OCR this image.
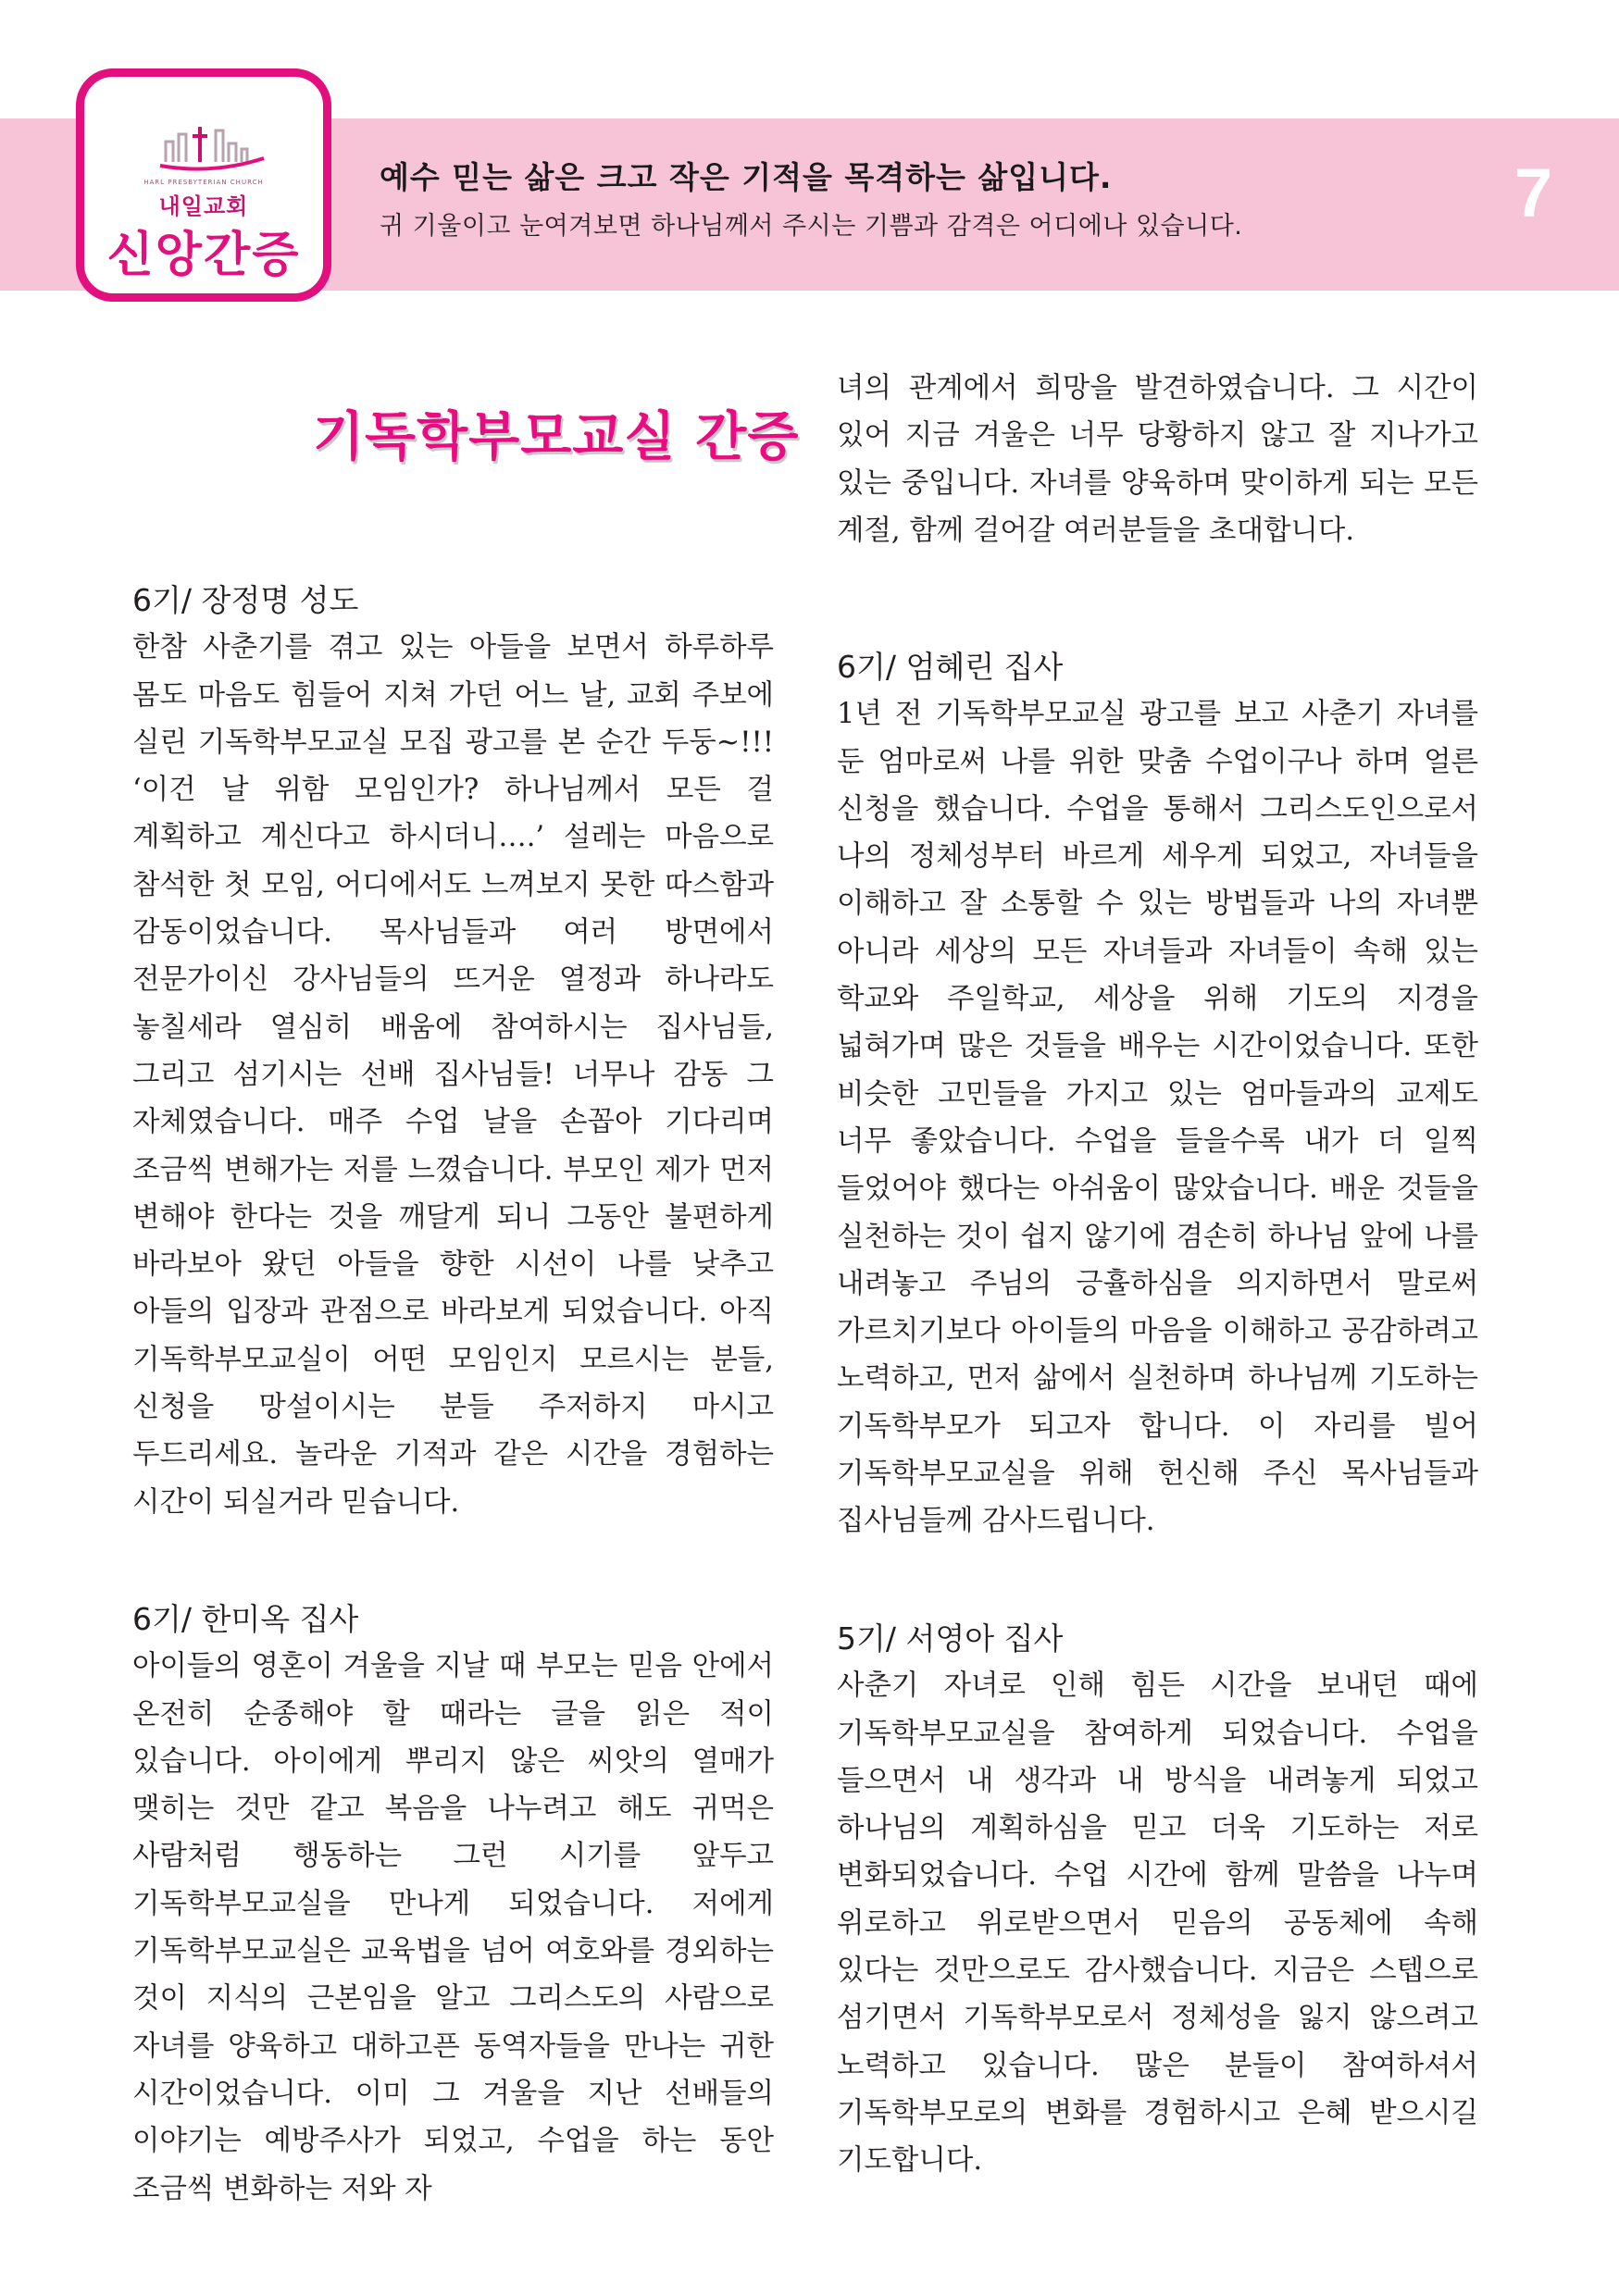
HARL PRESBYTERIAN CHURCH
내일교회
신앙간증
예수 믿는 삶은 크고 작은 기적을 목격하는 삶입니다.
귀 기울이고 눈여겨보면 하나님께서 주시는 기쁨과 감격은 어디에나 있습니다.	7
기독학부모교실 간증
6기/ 장정명 성도

한참 사춘기를 겪고 있는 아들을 보면서 하루하루 몸도 마음도 힘들어 지쳐 가던 어느 날, 교회 주보에 실린 기독학부모교실 모집 광고를 본 순간 두둥~!!! ‘이건 날 위함 모임인가? 하나님께서 모든 걸 계획하고 계신다고 하시더니….’ 설레는 마음으로 참석한 첫 모임, 어디에서도 느껴보지 못한 따스함과 감동이었습니다. 목사님들과 여러 방면에서 전문가이신 강사님들의 뜨거운 열정과 하나라도 놓칠세라 열심히 배움에 참여하시는 집사님들, 그리고 섬기시는 선배 집사님들! 너무나 감동 그 자체였습니다. 매주 수업 날을 손꼽아 기다리며 조금씩 변해가는 저를 느꼈습니다. 부모인 제가 먼저 변해야 한다는 것을 깨달게 되니 그동안 불편하게 바라보아 왔던 아들을 향한 시선이 나를 낮추고 아들의 입장과 관점으로 바라보게 되었습니다. 아직 기독학부모교실이 어떤 모임인지 모르시는 분들, 신청을 망설이시는 분들 주저하지 마시고 두드리세요. 놀라운 기적과 같은 시간을 경험하는 시간이 되실거라 믿습니다.

6기/ 한미옥 집사

아이들의 영혼이 겨울을 지날 때 부모는 믿음 안에서 온전히 순종해야 할 때라는 글을 읽은 적이 있습니다. 아이에게 뿌리지 않은 씨앗의 열매가 맺히는 것만 같고 복음을 나누려고 해도 귀먹은 사람처럼 행동하는 그런 시기를 앞두고 기독학부모교실을 만나게 되었습니다. 저에게 기독학부모교실은 교육법을 넘어 여호와를 경외하는 것이 지식의 근본임을 알고 그리스도의 사람으로 자녀를 양육하고 대하고픈 동역자들을 만나는 귀한 시간이었습니다. 이미 그 겨울을 지난 선배들의 이야기는 예방주사가 되었고, 수업을 하는 동안 조금씩 변화하는 저와 자

녀의 관계에서 희망을 발견하였습니다. 그 시간이 있어 지금 겨울은 너무 당황하지 않고 잘 지나가고 있는 중입니다. 자녀를 양육하며 맞이하게 되는 모든 계절, 함께 걸어갈 여러분들을 초대합니다.

6기/ 엄혜린 집사

1년 전 기독학부모교실 광고를 보고 사춘기 자녀를 둔 엄마로써 나를 위한 맞춤 수업이구나 하며 얼른 신청을 했습니다. 수업을 통해서 그리스도인으로서 나의 정체성부터 바르게 세우게 되었고, 자녀들을 이해하고 잘 소통할 수 있는 방법들과 나의 자녀뿐 아니라 세상의 모든 자녀들과 자녀들이 속해 있는 학교와 주일학교, 세상을 위해 기도의 지경을 넓혀가며 많은 것들을 배우는 시간이었습니다. 또한 비슷한 고민들을 가지고 있는 엄마들과의 교제도 너무 좋았습니다. 수업을 들을수록 내가 더 일찍 들었어야 했다는 아쉬움이 많았습니다. 배운 것들을 실천하는 것이 쉽지 않기에 겸손히 하나님 앞에 나를 내려놓고 주님의 긍휼하심을 의지하면서 말로써 가르치기보다 아이들의 마음을 이해하고 공감하려고 노력하고, 먼저 삶에서 실천하며 하나님께 기도하는 기독학부모가 되고자 합니다. 이 자리를 빌어 기독학부모교실을 위해 헌신해 주신 목사님들과 집사님들께 감사드립니다.

5기/ 서영아 집사

사춘기 자녀로 인해 힘든 시간을 보내던 때에 기독학부모교실을 참여하게 되었습니다. 수업을 들으면서 내 생각과 내 방식을 내려놓게 되었고 하나님의 계획하심을 믿고 더욱 기도하는 저로 변화되었습니다. 수업 시간에 함께 말씀을 나누며 위로하고 위로받으면서 믿음의 공동체에 속해 있다는 것만으로도 감사했습니다. 지금은 스텝으로 섬기면서 기독학부모로서 정체성을 잃지 않으려고 노력하고 있습니다. 많은 분들이 참여하셔서 기독학부모로의 변화를 경험하시고 은혜 받으시길 기도합니다.
